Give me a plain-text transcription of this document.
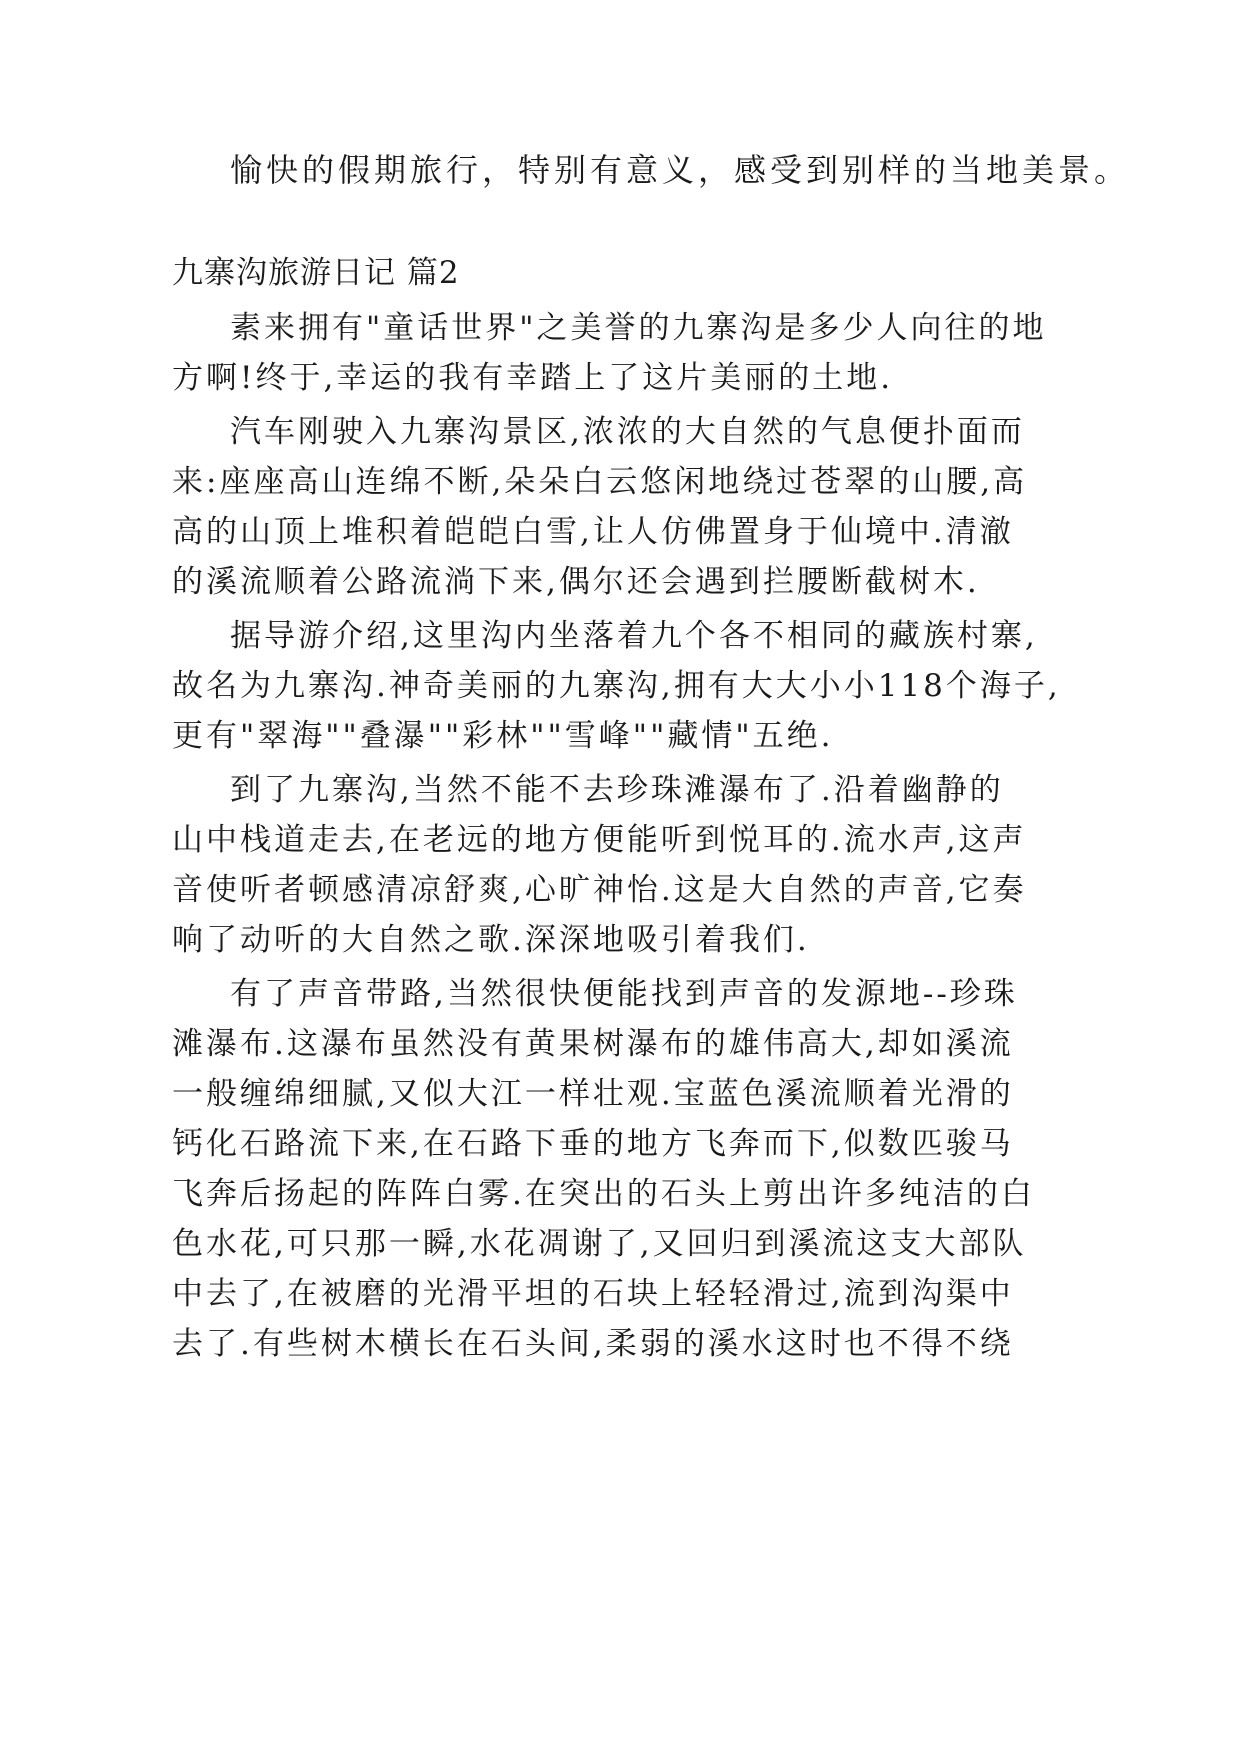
愉快的假期旅行，特别有意义，感受到别样的当地美景。
九寨沟旅游日记 篇2
素来拥有"童话世界"之美誉的九寨沟是多少人向往的地
方啊!终于,幸运的我有幸踏上了这片美丽的土地.
汽车刚驶入九寨沟景区,浓浓的大自然的气息便扑面而
来:座座高山连绵不断,朵朵白云悠闲地绕过苍翠的山腰,高
高的山顶上堆积着皑皑白雪,让人仿佛置身于仙境中.清澈
的溪流顺着公路流淌下来,偶尔还会遇到拦腰断截树木.
据导游介绍,这里沟内坐落着九个各不相同的藏族村寨,
故名为九寨沟.神奇美丽的九寨沟,拥有大大小小118个海子,
更有"翠海""叠瀑""彩林""雪峰""藏情"五绝.
到了九寨沟,当然不能不去珍珠滩瀑布了.沿着幽静的
山中栈道走去,在老远的地方便能听到悦耳的.流水声,这声
音使听者顿感清凉舒爽,心旷神怡.这是大自然的声音,它奏
响了动听的大自然之歌.深深地吸引着我们.
有了声音带路,当然很快便能找到声音的发源地--珍珠
滩瀑布.这瀑布虽然没有黄果树瀑布的雄伟高大,却如溪流
一般缠绵细腻,又似大江一样壮观.宝蓝色溪流顺着光滑的
钙化石路流下来,在石路下垂的地方飞奔而下,似数匹骏马
飞奔后扬起的阵阵白雾.在突出的石头上剪出许多纯洁的白
色水花,可只那一瞬,水花凋谢了,又回归到溪流这支大部队
中去了,在被磨的光滑平坦的石块上轻轻滑过,流到沟渠中
去了.有些树木横长在石头间,柔弱的溪水这时也不得不绕
